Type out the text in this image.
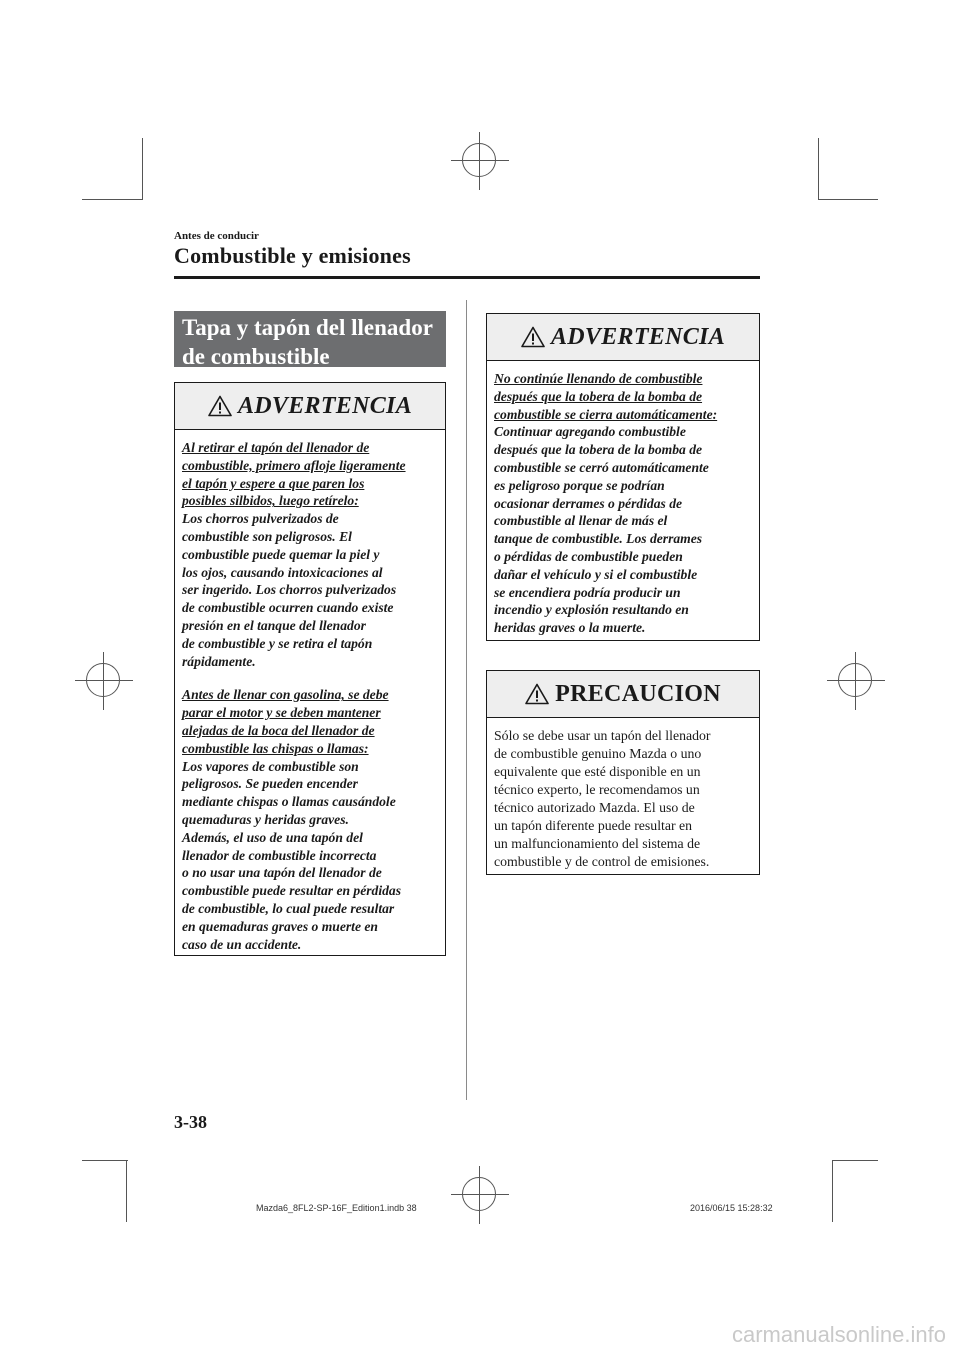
Antes de conducir
Combustible y emisiones
Tapa y tapón del llenador
de combustible
ADVERTENCIA

Al retirar el tapón del llenador de

combustible, primero afloje ligeramente

el tapón y espere a que paren los

posibles silbidos, luego retírelo:

Los chorros pulverizados de

combustible son peligrosos. El

combustible puede quemar la piel y

los ojos, causando intoxicaciones al

ser ingerido. Los chorros pulverizados

de combustible ocurren cuando existe

presión en el tanque del llenador

de combustible y se retira el tapón

rápidamente.

Antes de llenar con gasolina, se debe

parar el motor y se deben mantener

alejadas de la boca del llenador de

combustible las chispas o llamas:

Los vapores de combustible son

peligrosos. Se pueden encender

mediante chispas o llamas causándole

quemaduras y heridas graves.

Además, el uso de una tapón del

llenador de combustible incorrecta

o no usar una tapón del llenador de

combustible puede resultar en pérdidas

de combustible, lo cual puede resultar

en quemaduras graves o muerte en

caso de un accidente.

ADVERTENCIA

No continúe llenando de combustible

después que la tobera de la bomba de

combustible se cierra automáticamente:

Continuar agregando combustible

después que la tobera de la bomba de

combustible se cerró automáticamente

es peligroso porque se podrían

ocasionar derrames o pérdidas de

combustible al llenar de más el

tanque de combustible. Los derrames

o pérdidas de combustible pueden

dañar el vehículo y si el combustible

se encendiera podría producir un

incendio y explosión resultando en

heridas graves o la muerte.

PRECAUCION

Sólo se debe usar un tapón del llenador

de combustible genuino Mazda o uno

equivalente que esté disponible en un

técnico experto, le recomendamos un

técnico autorizado Mazda. El uso de

un tapón diferente puede resultar en

un malfuncionamiento del sistema de

combustible y de control de emisiones.

3-38
Mazda6_8FL2-SP-16F_Edition1.indb 38	2016/06/15 15:28:32
carmanualsonline.info
